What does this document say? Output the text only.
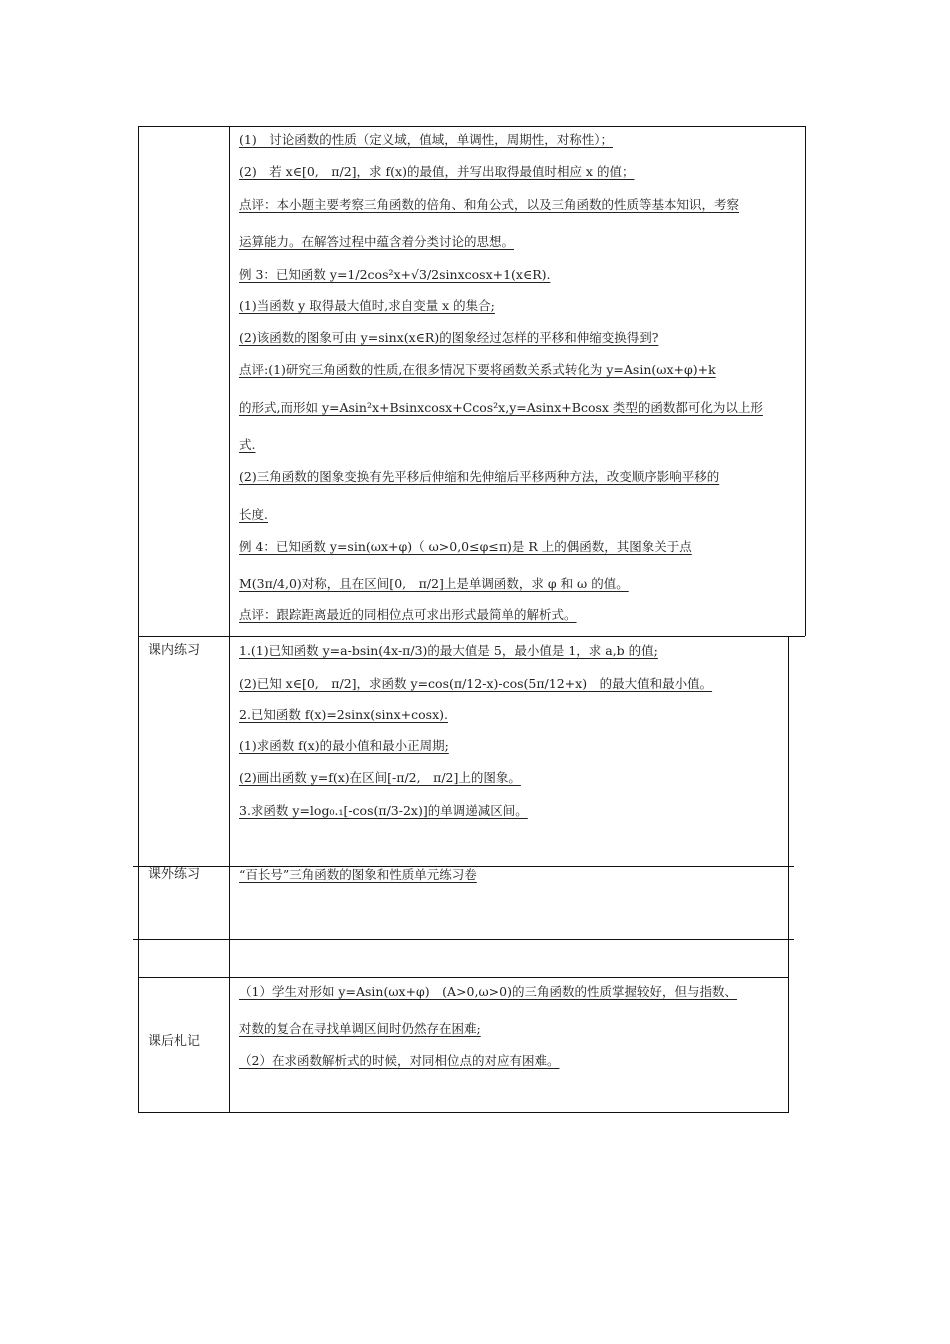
(1)　讨论函数的性质（定义域，值域，单调性，周期性，对称性）；
(2)　若 x∈[0,　π/2]，求 f(x)的最值，并写出取得最值时相应 x 的值；
点评：本小题主要考察三角函数的倍角、和角公式，以及三角函数的性质等基本知识，考察
运算能力。在解答过程中蕴含着分类讨论的思想。
例 3：已知函数 y=1/2cos²x+√3/2sinxcosx+1(x∈R).
(1)当函数 y 取得最大值时,求自变量 x 的集合;
(2)该函数的图象可由 y=sinx(x∈R)的图象经过怎样的平移和伸缩变换得到?
点评:(1)研究三角函数的性质,在很多情况下要将函数关系式转化为 y=Asin(ωx+φ)+k
的形式,而形如 y=Asin²x+Bsinxcosx+Ccos²x,y=Asinx+Bcosx 类型的函数都可化为以上形
式.
(2)三角函数的图象变换有先平移后伸缩和先伸缩后平移两种方法，改变顺序影响平移的
长度.
例 4：已知函数 y=sin(ωx+φ)（ ω>0,0≤φ≤π)是 R 上的偶函数，其图象关于点
M(3π/4,0)对称，且在区间[0,　π/2]上是单调函数，求 φ 和 ω 的值。
点评：跟踪距离最近的同相位点可求出形式最简单的解析式。
课内练习	1.(1)已知函数 y=a-bsin(4x-π/3)的最大值是 5，最小值是 1，求 a,b 的值;
(2)已知 x∈[0,　π/2]，求函数 y=cos(π/12-x)-cos(5π/12+x)　的最大值和最小值。
2.已知函数 f(x)=2sinx(sinx+cosx).
(1)求函数 f(x)的最小值和最小正周期;
(2)画出函数 y=f(x)在区间[-π/2,　π/2]上的图象。
3.求函数 y=log₀.₁[-cos(π/3-2x)]的单调递减区间。
课外练习	“百长号”三角函数的图象和性质单元练习卷
课后札记
（1）学生对形如 y=Asin(ωx+φ)　(A>0,ω>0)的三角函数的性质掌握较好，但与指数、
对数的复合在寻找单调区间时仍然存在困难;
（2）在求函数解析式的时候，对同相位点的对应有困难。
